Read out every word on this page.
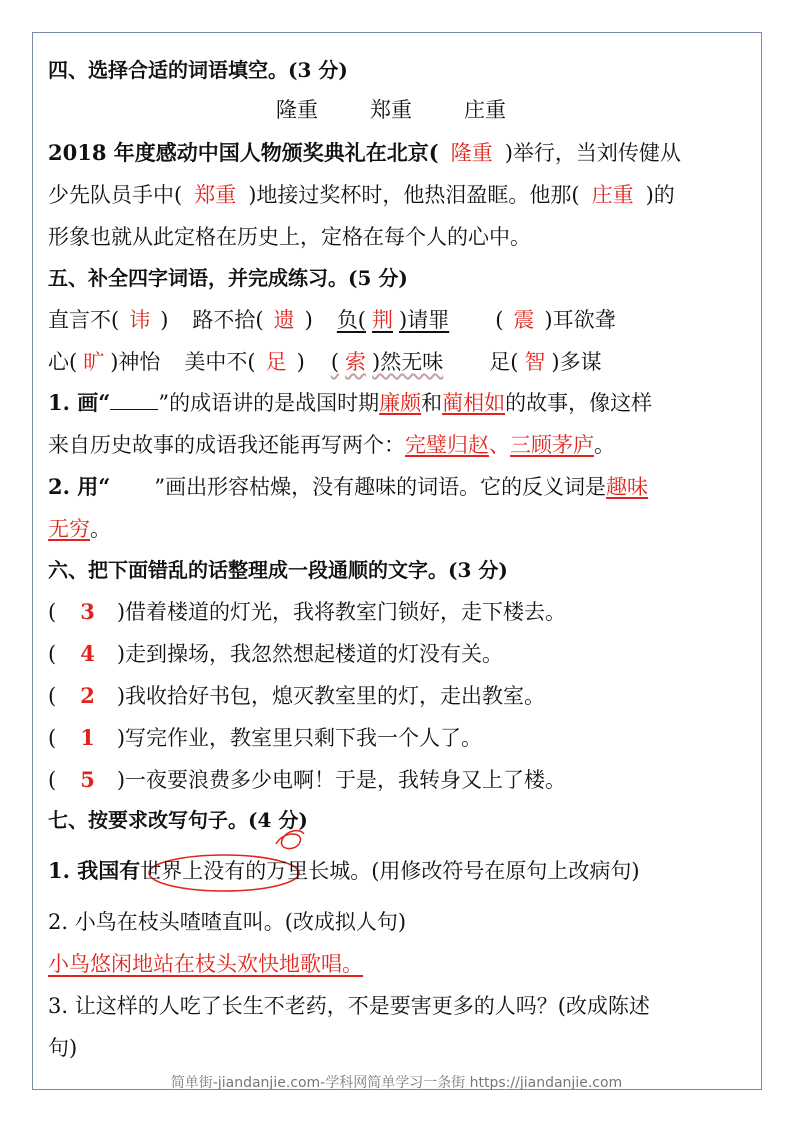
四、选择合适的词语填空。(3 分)
隆重 郑重 庄重
2018 年度感动中国人物颁奖典礼在北京( 隆重 )举行，当刘传健从
少先队员手中( 郑重 )地接过奖杯时，他热泪盈眶。他那( 庄重 )的
形象也就从此定格在历史上，定格在每个人的心中。
五、补全四字词语，并完成练习。(5 分)
直言不( 讳 ) 路不拾( 遗 ) 负( 荆 )请罪 ( 震 )耳欲聋
心( 旷 )神怡 美中不( 足 ) ( 索 )然无味 足( 智 )多谋
1. 画“ ”的成语讲的是战国时期廉颇和蔺相如的故事，像这样
来自历史故事的成语我还能再写两个：完璧归赵、三顾茅庐。
2. 用“ ”画出形容枯燥，没有趣味的词语。它的反义词是趣味
无穷。
六、把下面错乱的话整理成一段通顺的文字。(3 分)
( 3 )借着楼道的灯光，我将教室门锁好，走下楼去。
( 4 )走到操场，我忽然想起楼道的灯没有关。
( 2 )我收拾好书包，熄灭教室里的灯，走出教室。
( 1 )写完作业，教室里只剩下我一个人了。
( 5 )一夜要浪费多少电啊！于是，我转身又上了楼。
七、按要求改写句子。(4 分)
1. 我国有世界上没有的万里长城。(用修改符号在原句上改病句)
2. 小鸟在枝头喳喳直叫。(改成拟人句)
小鸟悠闲地站在枝头欢快地歌唱。
3. 让这样的人吃了长生不老药，不是要害更多的人吗？(改成陈述
句)
简单街-jiandanjie.com-学科网简单学习一条街 https://jiandanjie.com
